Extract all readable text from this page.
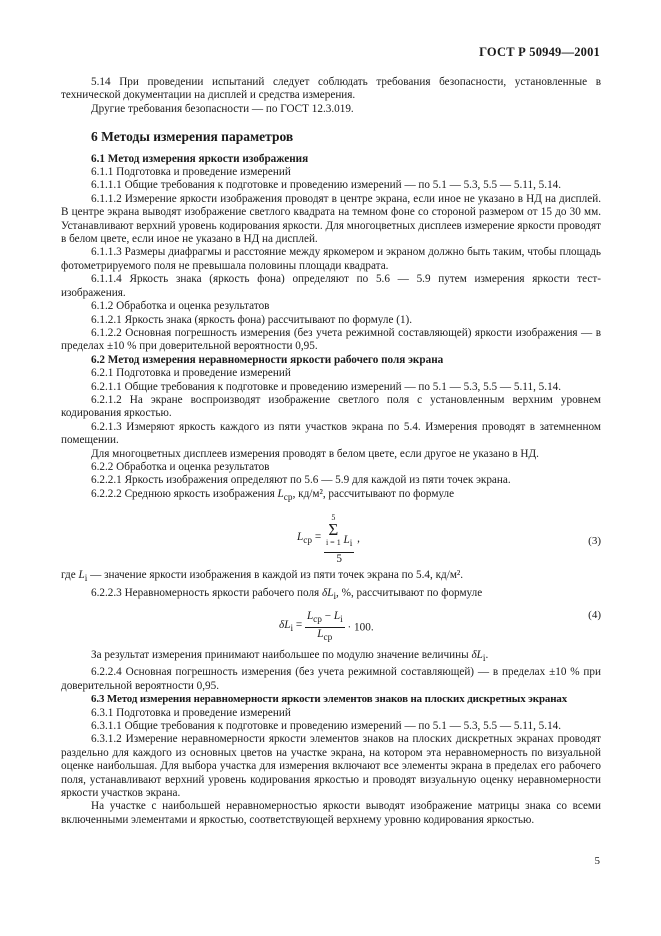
ГОСТ Р 50949—2001

5.14 При проведении испытаний следует соблюдать требования безопасности, установленные в технической документации на дисплей и средства измерения.

Другие требования безопасности — по ГОСТ 12.3.019.

6 Методы измерения параметров

6.1 Метод измерения яркости изображения

6.1.1 Подготовка и проведение измерений

6.1.1.1 Общие требования к подготовке и проведению измерений — по 5.1 — 5.3, 5.5 — 5.11, 5.14.

6.1.1.2 Измерение яркости изображения проводят в центре экрана, если иное не указано в НД на дисплей. В центре экрана выводят изображение светлого квадрата на темном фоне со стороной размером от 15 до 30 мм. Устанавливают верхний уровень кодирования яркости. Для многоцветных дисплеев измерение яркости проводят в белом цвете, если иное не указано в НД на дисплей.

6.1.1.3 Размеры диафрагмы и расстояние между яркомером и экраном должно быть таким, чтобы площадь фотометрируемого поля не превышала половины площади квадрата.

6.1.1.4 Яркость знака (яркость фона) определяют по 5.6 — 5.9 путем измерения яркости тест-изображения.

6.1.2 Обработка и оценка результатов

6.1.2.1 Яркость знака (яркость фона) рассчитывают по формуле (1).

6.1.2.2 Основная погрешность измерения (без учета режимной составляющей) яркости изображения — в пределах ±10 % при доверительной вероятности 0,95.

6.2 Метод измерения неравномерности яркости рабочего поля экрана

6.2.1 Подготовка и проведение измерений

6.2.1.1 Общие требования к подготовке и проведению измерений — по 5.1 — 5.3, 5.5 — 5.11, 5.14.

6.2.1.2 На экране воспроизводят изображение светлого поля с установленным верхним уровнем кодирования яркостью.

6.2.1.3 Измеряют яркость каждого из пяти участков экрана по 5.4. Измерения проводят в затемненном помещении.

Для многоцветных дисплеев измерения проводят в белом цвете, если другое не указано в НД.

6.2.2 Обработка и оценка результатов

6.2.2.1 Яркость изображения определяют по 5.6 — 5.9 для каждой из пяти точек экрана.

6.2.2.2 Среднюю яркость изображения $L_{ср}$, кд/м², рассчитывают по формуле

$L_{ср}$ =
5
Σ
i = 1 $L_i$
5
,	(3)

где $L_i$ — значение яркости изображения в каждой из пяти точек экрана по 5.4, кд/м².

6.2.2.3 Неравномерность яркости рабочего поля $\delta L_i$, %, рассчитывают по формуле

$\delta L_i = \frac{L_{ср} - L_i}{L_{ср}} \cdot 100$.
(4)

За результат измерения принимают наибольшее по модулю значение величины $\delta L_i$.

6.2.2.4 Основная погрешность измерения (без учета режимной составляющей) — в пределах ±10 % при доверительной вероятности 0,95.

6.3 Метод измерения неравномерности яркости элементов знаков на плоских дискретных экранах

6.3.1 Подготовка и проведение измерений

6.3.1.1 Общие требования к подготовке и проведению измерений — по 5.1 — 5.3, 5.5 — 5.11, 5.14.

6.3.1.2 Измерение неравномерности яркости элементов знаков на плоских дискретных экранах проводят раздельно для каждого из основных цветов на участке экрана, на котором эта неравномерность по визуальной оценке наибольшая. Для выбора участка для измерения включают все элементы экрана в пределах его рабочего поля, устанавливают верхний уровень кодирования яркостью и проводят визуальную оценку неравномерности яркости участков экрана.

На участке с наибольшей неравномерностью яркости выводят изображение матрицы знака со всеми включенными элементами и яркостью, соответствующей верхнему уровню кодирования яркостью.

5
